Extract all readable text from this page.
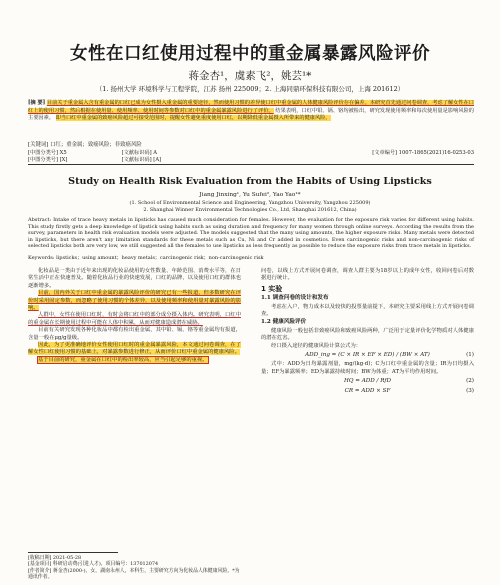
女性在口红使用过程中的重金属暴露风险评价
蒋金杏¹，虞素飞²，姚芸¹*
（1. 扬州大学 环境科学与工程学院，江苏 扬州 225009；2. 上海同鼎环保科技有限公司，上海 201612）
[摘 要] 目前关于重金属入含有重金属的口红已成为女性摄入重金属的重要途径，然而使用习惯的差异使口红中重金属的人体健康风险评价存在偏差。本研究首先通过问卷调查，考虑了解女性在口红上的使用习惯，然后根据在使用量、使用频率、使用时间等参数对口红中的重金属暴露风险进行了评价。 结果表明，口红中铅、镉、铬均被检出，研究发现使用频率和每次使用量是影响风险的主要因素。 即当口红中重金属的致癌风险超过可接受范围时，提醒女性避免重度使用口红，以期降低重金属摄入所带来的健康风险。
[关键词] 口红；重金属；致癌风险；非致癌风险
[中图分类号] X5	[文献标识码] A	[文章编号] 1007-1865(2021)16-0253-03
[中图分类号] [X]	[文献标识码] [A]
Study on Health Risk Evaluation from the Habits of Using Lipsticks
Jiang Jinxing¹, Yu Sufei², Yao Yao¹*
(1. School of Environmental Science and Engineering, Yangzhou University, Yangzhou 225009)
2. Shanghai Winner Environmental Technologies Co., Ltd, Shanghai 201612, China)
Abstract: Intake of trace heavy metals in lipsticks has caused much consideration for females. However, the evaluation for the exposure risk varies for different using habits. This study firstly gets a deep knowledge of lipstick using habits such as using duration and frequency for many women through online surveys. According the results from the survey, parameters in health risk evaluation models were adjusted. The models suggested that the many using amounts, the higher exposure risks. Many metals were detected in lipsticks, but there aren't any limitation standards for these metals such as Cu, Ni and Cr added in cosmetics. Even carcinogenic risks and non-carcinogenic risks of selected lipsticks both are very low, we still suggested all the females to use lipsticks as less frequently as possible to reduce the exposure risks from trace metals in lipsticks.
Keywords: lipsticks；using amount；heavy metals；carcinogenic risk；non-carcinogenic risk

化妆品是一类由于近年来出现的化妆品使用的女性数量、年龄范围、消费水平等，在日常生活中正在快速普及。随着化妆品行业的快速发展，口红的品牌，以及使用口红的群体也逐渐增多。

目前，国内外关于口红中重金属的暴露风险评价的研究已有一些报道，但多数研究在评价时采用固定参数，而忽略了使用习惯的个体差异，以及使用频率和使用量对暴露风险的影响。

人群中，女性在使用口红时，有时会将口红中的部分成分摄入体内。研究表明，口红中的重金属在长期使用过程中可能在人体中积累，从而对健康造成潜在威胁。

目前有关研究发现各种化妆品中都有检出重金属，其中铅、镉、铬等重金属均有报道，含量一般在μg/g量级。

因此，为了更准确地评价女性使用口红时的重金属暴露风险，本文通过问卷调查，在了解女性口红使用习惯的基础上，对暴露参数进行修正，从而评价口红中重金属的健康风险。

基于目前的研究，重金属在口红中的检出率较高，应当引起足够的重视。

问卷，以线上方式开展问卷调查，调查人群主要为18岁以上的成年女性，收回问卷后对数据进行统计。
1 实验
1.1 调查问卷的设计和发布

考虑在入户，物力成本以及较快的投票量前提下，本研究主要采用线上方式开展问卷调查。

1.2 健康风险评价

健康风险一般包括非致癌风险和致癌风险两种，广泛用于定量评价化学物质对人体健康的潜在危害。

经口摄入途径的健康风险计算公式为：

ADD_ing = (C × IR × EF × ED) / (BW × AT)	(1)

式中：ADD为日均暴露剂量，mg/(kg·d)；C为口红中重金属的含量；IR为日均摄入量；EF为暴露频率；ED为暴露持续时间；BW为体重；AT为平均作用时间。

HQ = ADD / RfD	(2)
CR = ADD × SF	(3)
[收稿日期] 2021-05-28
[基金项目] 科研启动费(引进人才)，项目编号：137012074
[作者简介] 蒋金杏(2000-)，女，湖南永州人，本科生，主要研究方向为化妆品人体健康风险。*为通讯作者。
